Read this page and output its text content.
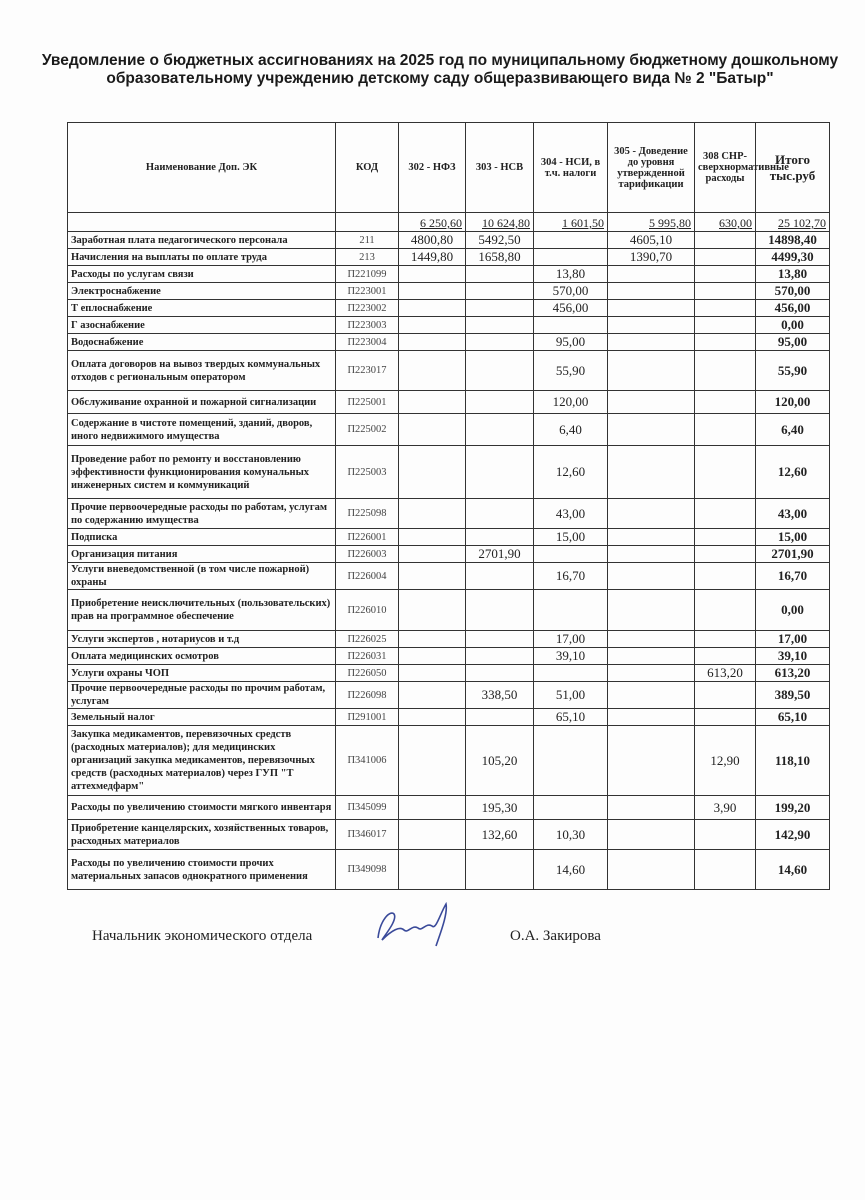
Уведомление о бюджетных ассигнованиях на 2025 год по муниципальному бюджетному дошкольному образовательному учреждению детскому саду общеразвивающего вида № 2 "Батыр"
Наименование Доп. ЭК	КОД	302 - НФЗ	303 - НСВ	304 - НСИ, в т.ч. налоги	305 - Доведение до уровня утвержденной тарификации	308 СНР-сверхнормативные расходы	Итого тыс.руб
		6 250,60	10 624,80	1 601,50	5 995,80	630,00	25 102,70
Заработная плата педагогического персонала	211	4800,80	5492,50		4605,10		14898,40
Начисления на выплаты по оплате труда	213	1449,80	1658,80		1390,70		4499,30
Расходы по услугам связи	П221099			13,80			13,80
Электроснабжение	П223001			570,00			570,00
Т еплоснабжение	П223002			456,00			456,00
Г азоснабжение	П223003						0,00
Водоснабжение	П223004			95,00			95,00
Оплата договоров на вывоз твердых коммунальных отходов с региональным оператором	П223017			55,90			55,90
Обслуживание охранной и пожарной сигнализации	П225001			120,00			120,00
Содержание в чистоте помещений, зданий, дворов, иного недвижимого имущества	П225002			6,40			6,40
Проведение работ по ремонту и восстановлению эффективности функционирования комунальных инженерных систем и коммуникаций	П225003			12,60			12,60
Прочие первоочередные расходы по работам, услугам по содержанию имущества	П225098			43,00			43,00
Подписка	П226001			15,00			15,00
Организация питания	П226003		2701,90				2701,90
Услуги вневедомственной (в том числе пожарной) охраны	П226004			16,70			16,70
Приобретение неисключительных (пользовательских) прав на программное обеспечение	П226010						0,00
Услуги экспертов , нотариусов и т.д	П226025			17,00			17,00
Оплата медицинских осмотров	П226031			39,10			39,10
Услуги охраны ЧОП	П226050					613,20	613,20
Прочие первоочередные расходы по прочим работам, услугам	П226098		338,50	51,00			389,50
Земельный налог	П291001			65,10			65,10
Закупка медикаментов, перевязочных средств (расходных материалов); для медицинских организаций закупка медикаментов, перевязочных средств (расходных материалов) через ГУП "Т аттехмедфарм"	П341006		105,20			12,90	118,10
Расходы по увеличению стоимости мягкого инвентаря	П345099		195,30			3,90	199,20
Приобретение канцелярских, хозяйственных товаров, расходных материалов	П346017		132,60	10,30			142,90
Расходы по увеличению стоимости прочих материальных запасов однократного применения	П349098			14,60			14,60
Начальник экономического отдела	О.А. Закирова
